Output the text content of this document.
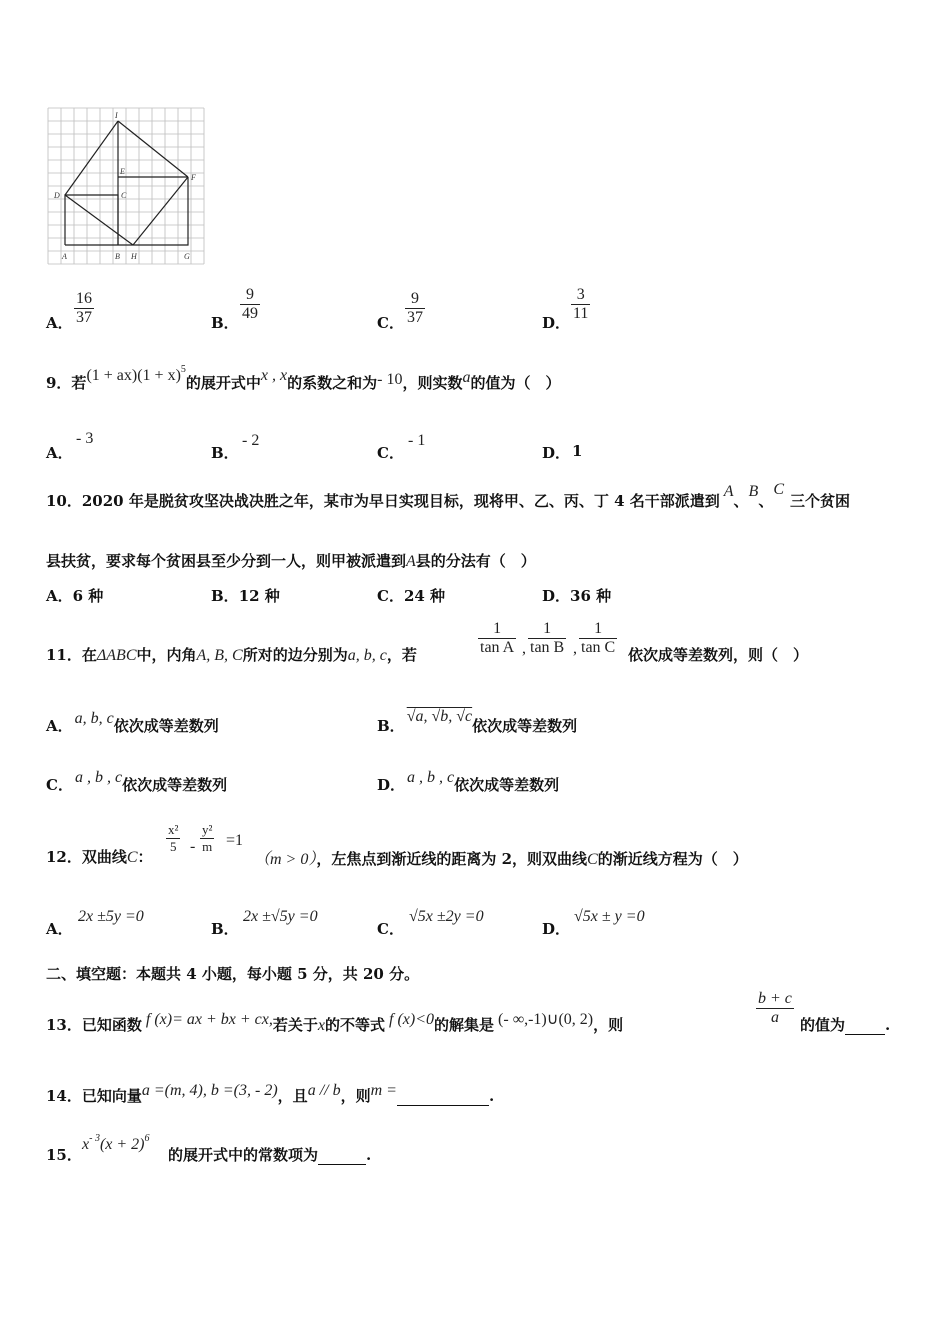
I
E
D	C
F
A	B H	G
A． $\frac{16}{37}$	B． $\frac{9}{49}$	C． $\frac{9}{37}$	D． $\frac{3}{11}$
9．若$(1 + ax)(1 + x)^5$的展开式中x , x的系数之和为- 10，则实数a的值为（　）
A．
- 3
B．
- 2
C．
- 1
D． 1
10．2020 年是脱贫攻坚决战决胜之年，某市为早日实现目标，现将甲、乙、丙、丁 4 名干部派遣到A、B、C三个贫困
县扶贫，要求每个贫困县至少分到一人，则甲被派遣到A县的分法有（　）
A．6 种	B．12 种	C．24 种	D．36 种
11．在ΔABC中，内角A, B, C所对的边分别为a, b, c，若	$\frac{1}{\text{tan A}}$ , $\frac{1}{\text{tan B}}$ , $\frac{1}{\text{tan C}}$ 依次成等差数列，则（　）
A． a, b, c依次成等差数列	B．√a, √b, √c依次成等差数列
C． a , b , c依次成等差数列	D． a , b , c依次成等差数列
12．双曲线C：
$\frac{\text{x²}}{5} - \frac{\text{y²}}{m} =1$
（m > 0），左焦点到渐近线的距离为 2，则双曲线C的渐近线方程为（　）
A．
2x ±5y =0
B．
2x ±√5y =0
C．
√5x ±2y =0
D．
√5x ± y =0
二、填空题：本题共 4 小题，每小题 5 分，共 20 分。
13．已知函数 f (x)= ax + bx + cx,若关于x的不等式 f (x)<0的解集是 (- ∞,-1)∪(0, 2)，则	$\frac{b + c}{a}$ 的值为	.
14．已知向量a =(m, 4), b =(3, - 2)，且a // b，则m =	.
15．
$x^{- 3}(x + 2)^6$
的展开式中的常数项为	.
